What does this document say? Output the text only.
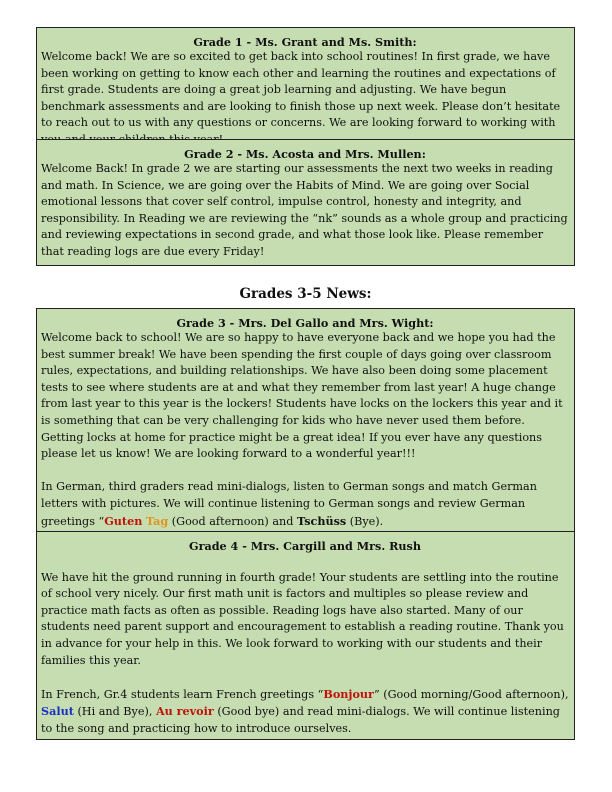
Grade 1 - Ms. Grant and Ms. Smith:

Welcome back! We are so excited to get back into school routines! In first grade, we have been working on getting to know each other and learning the routines and expectations of first grade. Students are doing a great job learning and adjusting. We have begun benchmark assessments and are looking to finish those up next week. Please don’t hesitate to reach out to us with any questions or concerns. We are looking forward to working with

Grade 2 - Ms. Acosta and Mrs. Mullen:

Welcome Back! In grade 2 we are starting our assessments the next two weeks in reading and math. In Science, we are going over the Habits of Mind. We are going over Social emotional lessons that cover self control, impulse control, honesty and integrity, and responsibility. In Reading we are reviewing the “nk” sounds as a whole group and practicing and reviewing expectations in second grade, and what those look like. Please remember that reading logs are due every Friday!

Grades 3-5 News:

Grade 3 - Mrs. Del Gallo and Mrs. Wight:

Welcome back to school! We are so happy to have everyone back and we hope you had the best summer break! We have been spending the first couple of days going over classroom rules, expectations, and building relationships. We have also been doing some placement tests to see where students are at and what they remember from last year! A huge change from last year to this year is the lockers! Students have locks on the lockers this year and it is something that can be very challenging for kids who have never used them before. Getting locks at home for practice might be a great idea! If you ever have any questions please let us know! We are looking forward to a wonderful year!!!

In German, third graders read mini-dialogs, listen to German songs and match German letters with pictures. We will continue listening to German songs and review German greetings “Guten Tag (Good afternoon) and Tschüss (Bye).

Grade 4 - Mrs. Cargill and Mrs. Rush

We have hit the ground running in fourth grade! Your students are settling into the routine of school very nicely. Our first math unit is factors and multiples so please review and practice math facts as often as possible. Reading logs have also started. Many of our students need parent support and encouragement to establish a reading routine. Thank you in advance for your help in this. We look forward to working with our students and their families this year.

In French, Gr.4 students learn French greetings “Bonjour” (Good morning/Good afternoon), Salut (Hi and Bye), Au revoir (Good bye) and read mini-dialogs. We will continue listening to the song and practicing how to introduce ourselves.
